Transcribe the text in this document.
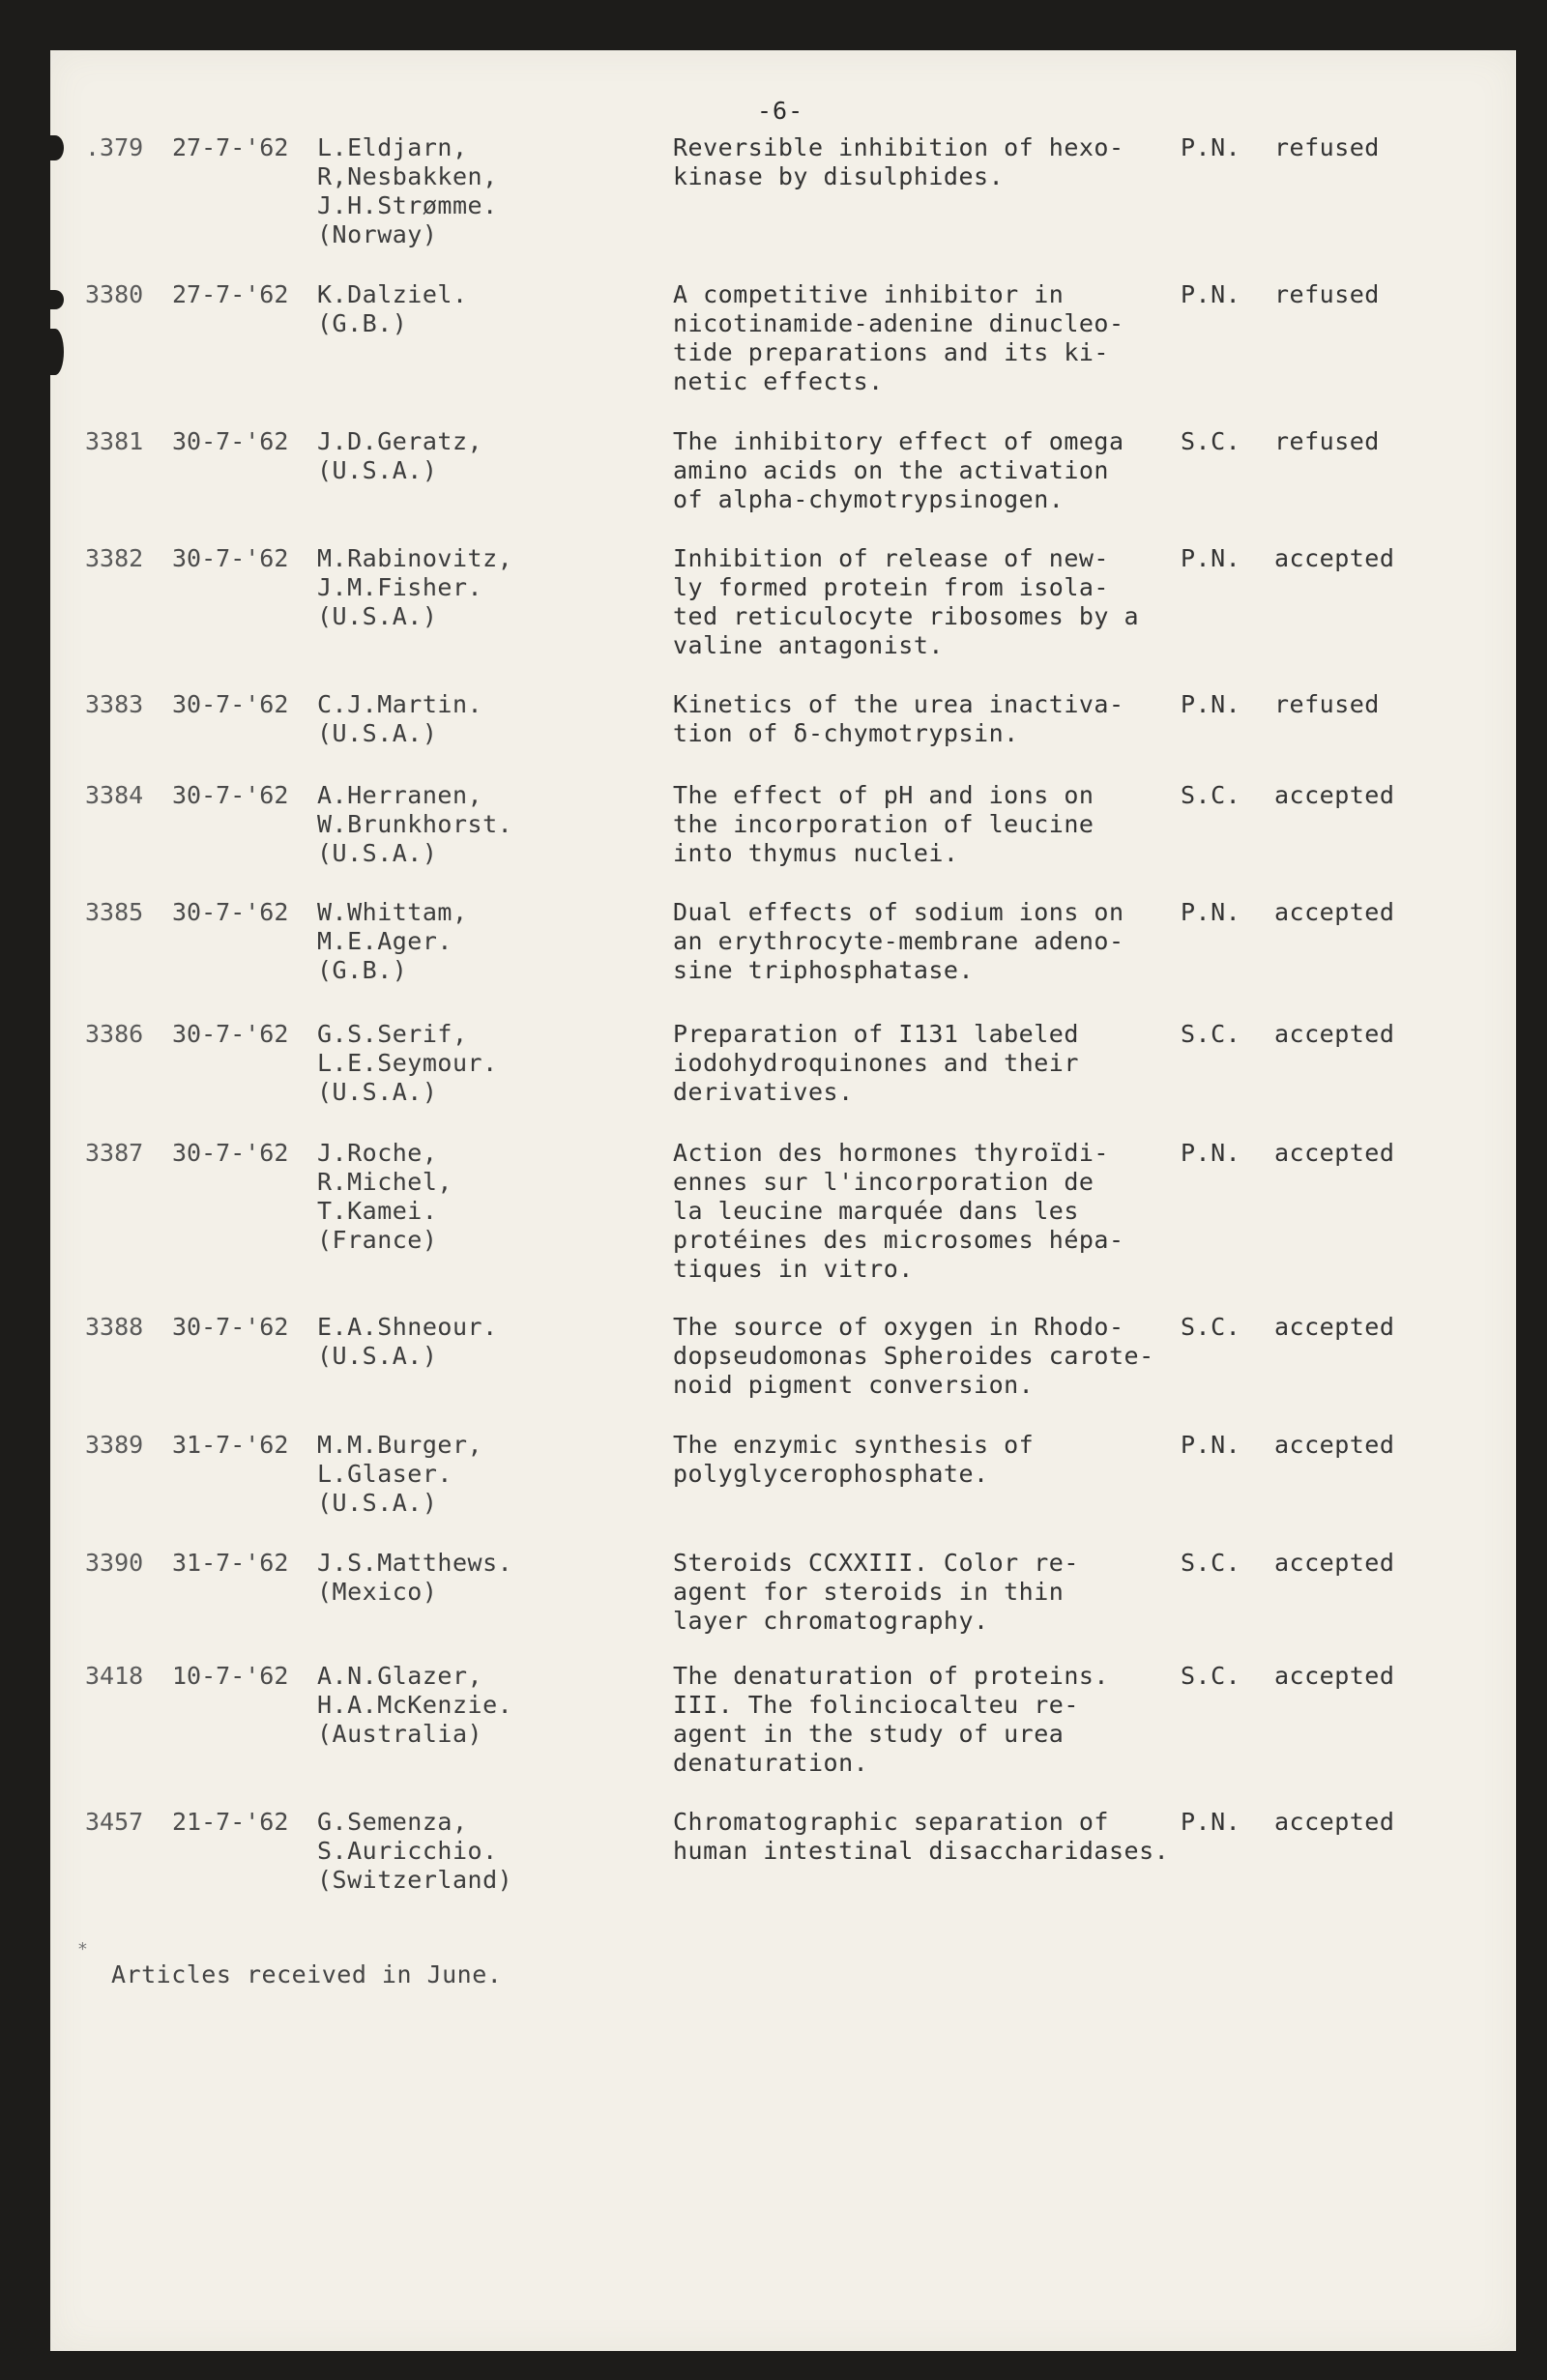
-6-
.379 27-7-'62 L.Eldjarn,
R,Nesbakken,
J.H.Strømme.
(Norway)
Reversible inhibition of hexo-
kinase by disulphides.
P.N. refused
3380 27-7-'62 K.Dalziel.
(G.B.)
A competitive inhibitor in
nicotinamide-adenine dinucleo-
tide preparations and its ki-
netic effects.
P.N. refused
3381 30-7-'62 J.D.Geratz,
(U.S.A.)
The inhibitory effect of omega
amino acids on the activation
of alpha-chymotrypsinogen.
S.C. refused
3382 30-7-'62 M.Rabinovitz,
J.M.Fisher.
(U.S.A.)
Inhibition of release of new-
ly formed protein from isola-
ted reticulocyte ribosomes by a
valine antagonist.
P.N. accepted
3383 30-7-'62 C.J.Martin.
(U.S.A.)
Kinetics of the urea inactiva-
tion of δ-chymotrypsin.
P.N. refused
3384 30-7-'62 A.Herranen,
W.Brunkhorst.
(U.S.A.)
The effect of pH and ions on
the incorporation of leucine
into thymus nuclei.
S.C. accepted
3385 30-7-'62 W.Whittam,
M.E.Ager.
(G.B.)
Dual effects of sodium ions on
an erythrocyte-membrane adeno-
sine triphosphatase.
P.N. accepted
3386 30-7-'62 G.S.Serif,
L.E.Seymour.
(U.S.A.)
Preparation of I131 labeled
iodohydroquinones and their
derivatives.
S.C. accepted
3387 30-7-'62 J.Roche,
R.Michel,
T.Kamei.
(France)
Action des hormones thyroïdi-
ennes sur l'incorporation de
la leucine marquée dans les
protéines des microsomes hépa-
tiques in vitro.
P.N. accepted
3388 30-7-'62 E.A.Shneour.
(U.S.A.)
The source of oxygen in Rhodo-
dopseudomonas Spheroides carote-
noid pigment conversion.
S.C. accepted
3389 31-7-'62 M.M.Burger,
L.Glaser.
(U.S.A.)
The enzymic synthesis of
polyglycerophosphate.
P.N. accepted
3390 31-7-'62 J.S.Matthews.
(Mexico)
Steroids CCXXIII. Color re-
agent for steroids in thin
layer chromatography.
S.C. accepted
3418 10-7-'62 A.N.Glazer,
H.A.McKenzie.
(Australia)
The denaturation of proteins.
III. The folinciocalteu re-
agent in the study of urea
denaturation.
S.C. accepted
3457 21-7-'62 G.Semenza,
S.Auricchio.
(Switzerland)
Chromatographic separation of
human intestinal disaccharidases.
P.N. accepted
*
Articles received in June.
